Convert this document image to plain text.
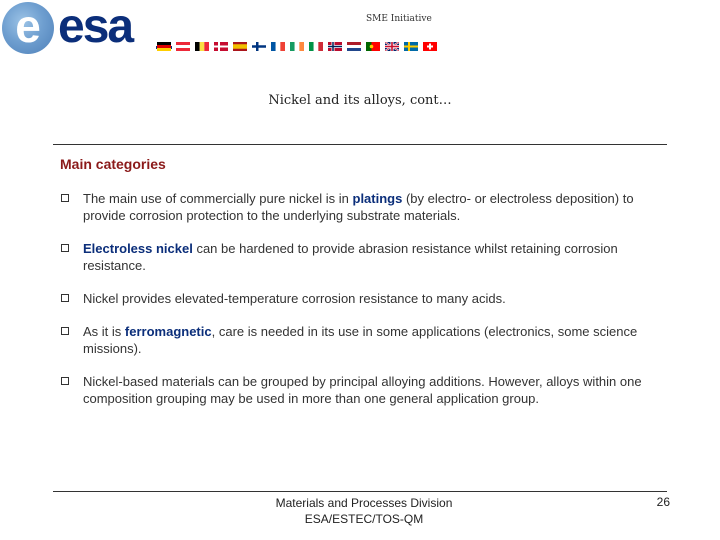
e esa	SME Initiative
Nickel and its alloys, cont…
Main categories
The main use of commercially pure nickel is in platings (by electro- or electroless deposition) to provide corrosion protection to the underlying substrate materials.
Electroless nickel can be hardened to provide abrasion resistance whilst retaining corrosion resistance.
Nickel provides elevated-temperature corrosion resistance to many acids.
As it is ferromagnetic, care is needed in its use in some applications (electronics, some science missions).
Nickel-based materials can be grouped by principal alloying additions. However, alloys within one composition grouping may be used in more than one general application group.
Materials and Processes Division
ESA/ESTEC/TOS-QM
26
